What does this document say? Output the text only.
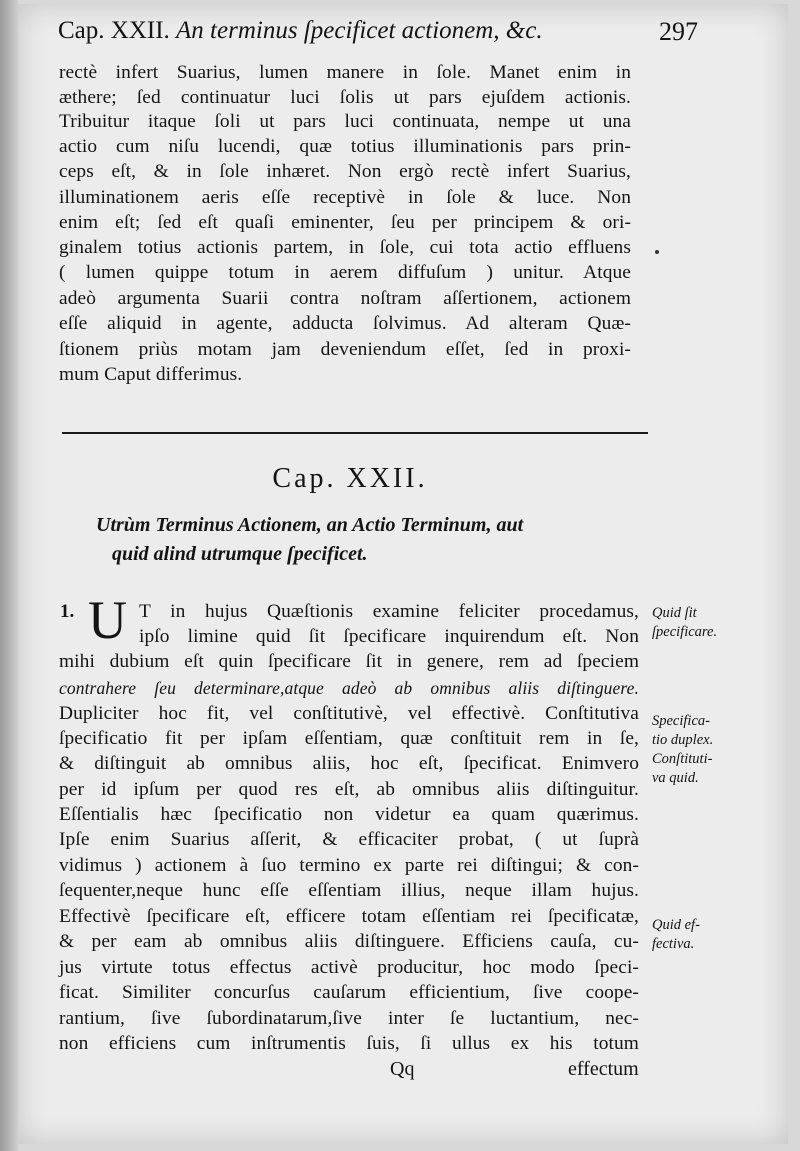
Cap. XXII. An terminus ſpecificet actionem, &c.	297
rectè infert Suarius, lumen manere in ſole. Manet enim in
æthere; ſed continuatur luci ſolis ut pars ejuſdem actionis.
Tribuitur itaque ſoli ut pars luci continuata, nempe ut una
actio cum niſu lucendi, quæ totius illuminationis pars prin-
ceps eſt, & in ſole inhæret. Non ergò rectè infert Suarius,
illuminationem aeris eſſe receptivè in ſole & luce. Non
enim eſt; ſed eſt quaſi eminenter, ſeu per principem & ori-
ginalem totius actionis partem, in ſole, cui tota actio effluens
( lumen quippe totum in aerem diffuſum ) unitur. Atque
adeò argumenta Suarii contra noſtram aſſertionem, actionem
eſſe aliquid in agente, adducta ſolvimus. Ad alteram Quæ-
ſtionem priùs motam jam deveniendum eſſet, ſed in proxi-
mum Caput differimus.
Cap. XXII.
Utrùm Terminus Actionem, an Actio Terminum, aut
quid alind utrumque ſpecificet.
1. U T in hujus Quæſtionis examine feliciter procedamus,
ipſo limine quid ſit ſpecificare inquirendum eſt. Non
mihi dubium eſt quin ſpecificare ſit in genere, rem ad ſpeciem
contrahere ſeu determinare,atque adeò ab omnibus aliis diſtinguere.
Dupliciter hoc fit, vel conſtitutivè, vel effectivè. Conſtitutiva
ſpecificatio fit per ipſam eſſentiam, quæ conſtituit rem in ſe,
& diſtinguit ab omnibus aliis, hoc eſt, ſpecificat. Enimvero
per id ipſum per quod res eſt, ab omnibus aliis diſtinguitur.
Eſſentialis hæc ſpecificatio non videtur ea quam quærimus.
Ipſe enim Suarius aſſerit, & efficaciter probat, ( ut ſuprà
vidimus ) actionem à ſuo termino ex parte rei diſtingui; & con-
ſequenter,neque hunc eſſe eſſentiam illius, neque illam hujus.
Effectivè ſpecificare eſt, efficere totam eſſentiam rei ſpecificatæ,
& per eam ab omnibus aliis diſtinguere. Efficiens cauſa, cu-
jus virtute totus effectus activè producitur, hoc modo ſpeci-
ficat. Similiter concurſus cauſarum efficientium, ſive coope-
rantium, ſive ſubordinatarum,ſive inter ſe luctantium, nec-
non efficiens cum inſtrumentis ſuis, ſi ullus ex his totum
Quid ſit
ſpecificare.
Specifica-
tio duplex.
Conſtituti-
va quid.
Quid ef-
fectiva.
Qq	effectum
